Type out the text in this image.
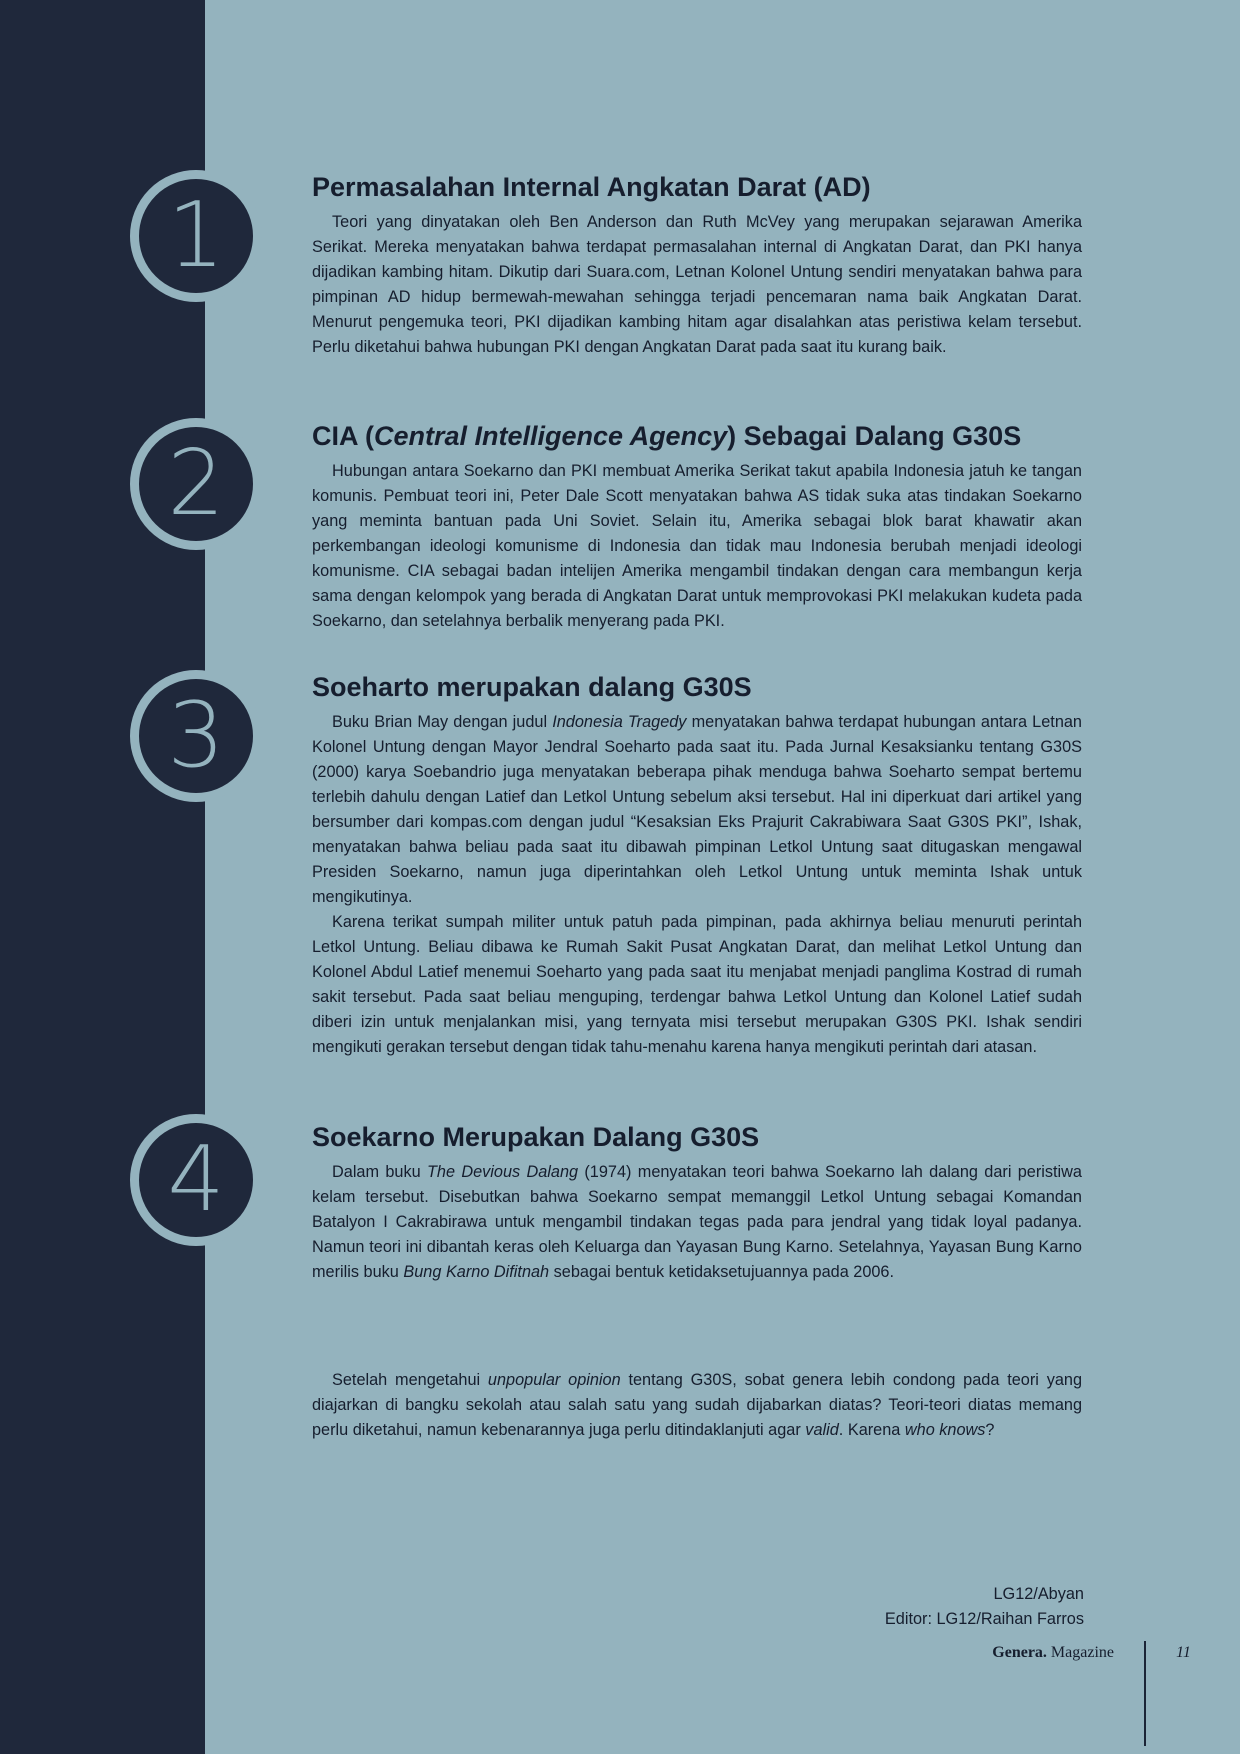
1	Permasalahan Internal Angkatan Darat (AD)

Teori yang dinyatakan oleh Ben Anderson dan Ruth McVey yang merupakan sejarawan Amerika Serikat. Mereka menyatakan bahwa terdapat permasalahan internal di Angkatan Darat, dan PKI hanya dijadikan kambing hitam. Dikutip dari Suara.com, Letnan Kolonel Untung sendiri menyatakan bahwa para pimpinan AD hidup bermewah-mewahan sehingga terjadi pencemaran nama baik Angkatan Darat. Menurut pengemuka teori, PKI dijadikan kambing hitam agar disalahkan atas peristiwa kelam tersebut. Perlu diketahui bahwa hubungan PKI dengan Angkatan Darat pada saat itu kurang baik.

2	CIA (Central Intelligence Agency) Sebagai Dalang G30S

Hubungan antara Soekarno dan PKI membuat Amerika Serikat takut apabila Indonesia jatuh ke tangan komunis. Pembuat teori ini, Peter Dale Scott menyatakan bahwa AS tidak suka atas tindakan Soekarno yang meminta bantuan pada Uni Soviet. Selain itu, Amerika sebagai blok barat khawatir akan perkembangan ideologi komunisme di Indonesia dan tidak mau Indonesia berubah menjadi ideologi komunisme. CIA sebagai badan intelijen Amerika mengambil tindakan dengan cara membangun kerja sama dengan kelompok yang berada di Angkatan Darat untuk memprovokasi PKI melakukan kudeta pada Soekarno, dan setelahnya berbalik menyerang pada PKI.

3	Soeharto merupakan dalang G30S

Buku Brian May dengan judul Indonesia Tragedy menyatakan bahwa terdapat hubungan antara Letnan Kolonel Untung dengan Mayor Jendral Soeharto pada saat itu. Pada Jurnal Kesaksianku tentang G30S (2000) karya Soebandrio juga menyatakan beberapa pihak menduga bahwa Soeharto sempat bertemu terlebih dahulu dengan Latief dan Letkol Untung sebelum aksi tersebut. Hal ini diperkuat dari artikel yang bersumber dari kompas.com dengan judul “Kesaksian Eks Prajurit Cakrabiwara Saat G30S PKI”, Ishak, menyatakan bahwa beliau pada saat itu dibawah pimpinan Letkol Untung saat ditugaskan mengawal Presiden Soekarno, namun juga diperintahkan oleh Letkol Untung untuk meminta Ishak untuk mengikutinya.

Karena terikat sumpah militer untuk patuh pada pimpinan, pada akhirnya beliau menuruti perintah Letkol Untung. Beliau dibawa ke Rumah Sakit Pusat Angkatan Darat, dan melihat Letkol Untung dan Kolonel Abdul Latief menemui Soeharto yang pada saat itu menjabat menjadi panglima Kostrad di rumah sakit tersebut. Pada saat beliau menguping, terdengar bahwa Letkol Untung dan Kolonel Latief sudah diberi izin untuk menjalankan misi, yang ternyata misi tersebut merupakan G30S PKI. Ishak sendiri mengikuti gerakan tersebut dengan tidak tahu-menahu karena hanya mengikuti perintah dari atasan.

4	Soekarno Merupakan Dalang G30S

Dalam buku The Devious Dalang (1974) menyatakan teori bahwa Soekarno lah dalang dari peristiwa kelam tersebut. Disebutkan bahwa Soekarno sempat memanggil Letkol Untung sebagai Komandan Batalyon I Cakrabirawa untuk mengambil tindakan tegas pada para jendral yang tidak loyal padanya. Namun teori ini dibantah keras oleh Keluarga dan Yayasan Bung Karno. Setelahnya, Yayasan Bung Karno merilis buku Bung Karno Difitnah sebagai bentuk ketidaksetujuannya pada 2006.

Setelah mengetahui unpopular opinion tentang G30S, sobat genera lebih condong pada teori yang diajarkan di bangku sekolah atau salah satu yang sudah dijabarkan diatas? Teori-teori diatas memang perlu diketahui, namun kebenarannya juga perlu ditindaklanjuti agar valid. Karena who knows?

LG12/Abyan
Editor: LG12/Raihan Farros
Genera. Magazine	11
